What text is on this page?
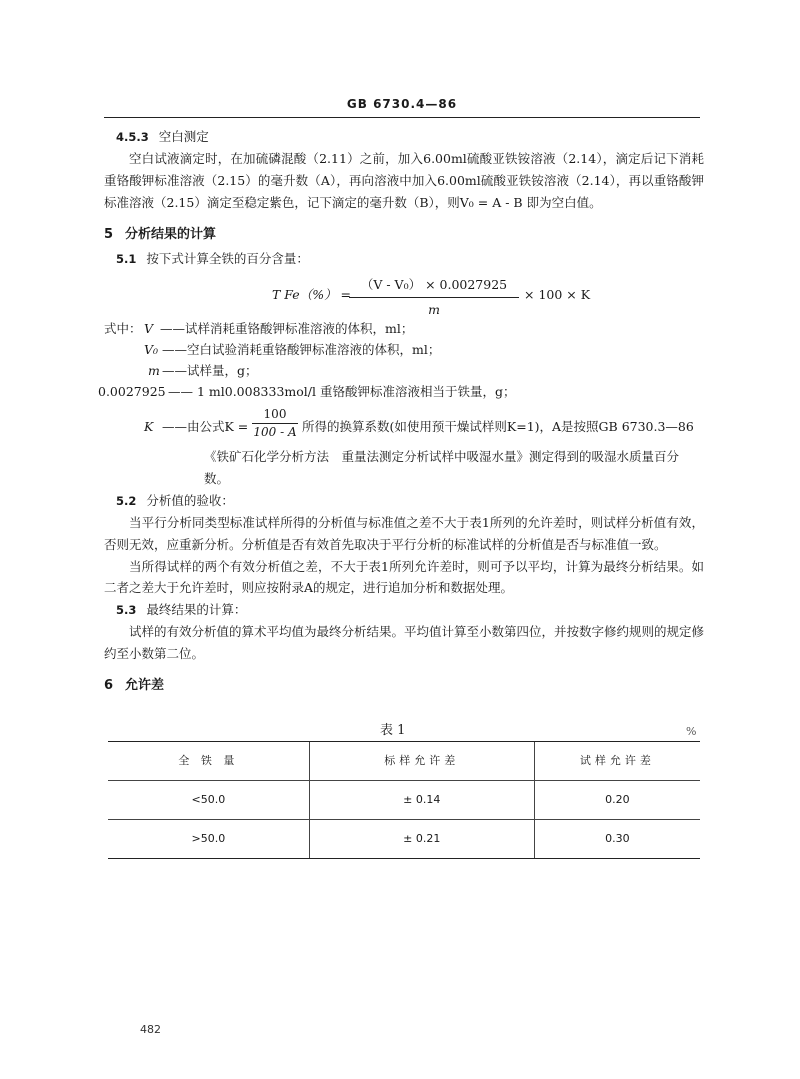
GB 6730.4—86
4.5.3 空白测定

空白试液滴定时，在加硫磷混酸（2.11）之前，加入6.00ml硫酸亚铁铵溶液（2.14），滴定后记下消耗重铬酸钾标准溶液（2.15）的毫升数（A），再向溶液中加入6.00ml硫酸亚铁铵溶液（2.14），再以重铬酸钾标准溶液（2.15）滴定至稳定紫色，记下滴定的毫升数（B），则V₀ = A - B 即为空白值。

5 分析结果的计算
5.1 按下式计算全铁的百分含量：
T Fe（%） =
（V - V₀） × 0.0027925
m
× 100 × K
式中： V ——试样消耗重铬酸钾标准溶液的体积，ml；
V₀ ——空白试验消耗重铬酸钾标准溶液的体积，ml；
m ——试样量，g；
0.0027925 —— 1 ml0.008333mol/l 重铬酸钾标准溶液相当于铁量，g；
K ——由公式K =
100
100 - A 所得的换算系数(如使用预干燥试样则K=1)，A是按照GB 6730.3—86

《铁矿石化学分析方法　重量法测定分析试样中吸湿水量》测定得到的吸湿水质量百分

数。

5.2 分析值的验收：

当平行分析同类型标准试样所得的分析值与标准值之差不大于表1所列的允许差时，则试样分析值有效，否则无效，应重新分析。分析值是否有效首先取决于平行分析的标准试样的分析值是否与标准值一致。

当所得试样的两个有效分析值之差，不大于表1所列允许差时，则可予以平均，计算为最终分析结果。如二者之差大于允许差时，则应按附录A的规定，进行追加分析和数据处理。

5.3 最终结果的计算：

试样的有效分析值的算术平均值为最终分析结果。平均值计算至小数第四位，并按数字修约规则的规定修约至小数第二位。

6 允许差
表 1	%
全 铁 量	标样允许差	试样允许差
<50.0	± 0.14	0.20
>50.0	± 0.21	0.30
482
